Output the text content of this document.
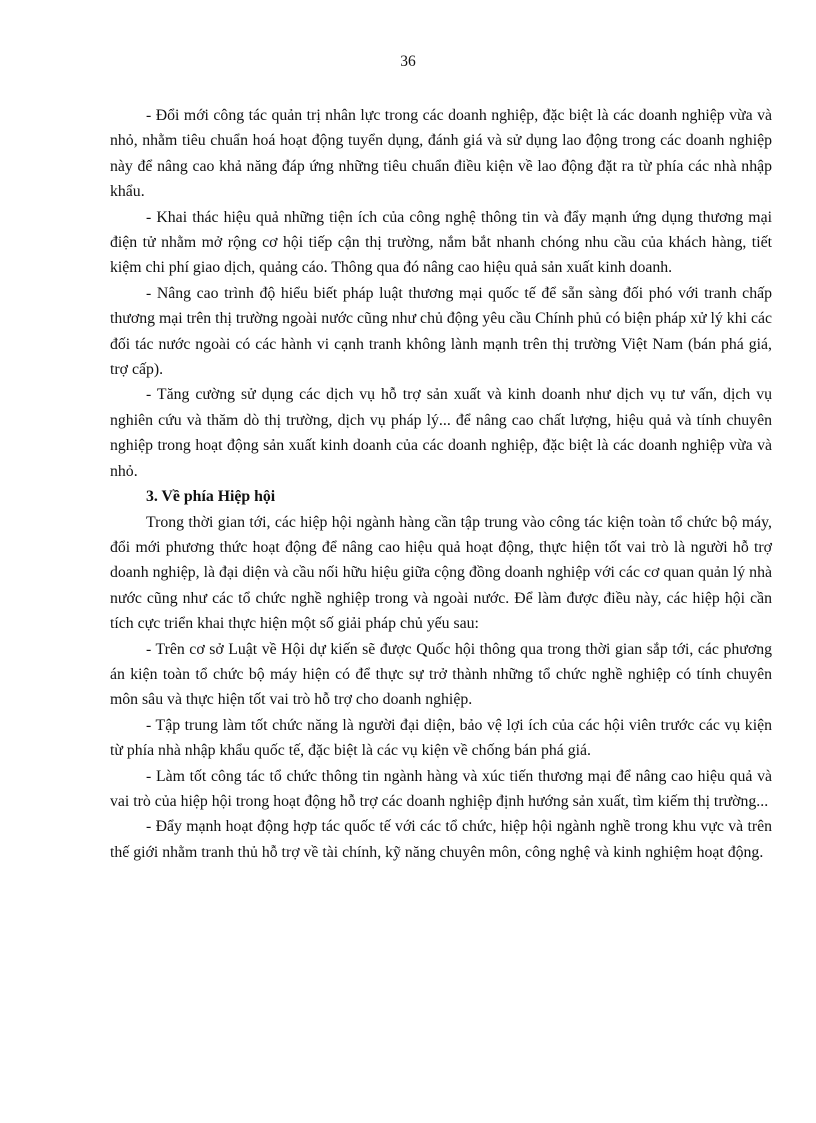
36

- Đổi mới công tác quản trị nhân lực trong các doanh nghiệp, đặc biệt là các doanh nghiệp vừa và nhỏ, nhằm tiêu chuẩn hoá hoạt động tuyển dụng, đánh giá và sử dụng lao động trong các doanh nghiệp này để nâng cao khả năng đáp ứng những tiêu chuẩn điều kiện về lao động đặt ra từ phía các nhà nhập khẩu.

- Khai thác hiệu quả những tiện ích của công nghệ thông tin và đẩy mạnh ứng dụng thương mại điện tử nhằm mở rộng cơ hội tiếp cận thị trường, nắm bắt nhanh chóng nhu cầu của khách hàng, tiết kiệm chi phí giao dịch, quảng cáo. Thông qua đó nâng cao hiệu quả sản xuất kinh doanh.

- Nâng cao trình độ hiểu biết pháp luật thương mại quốc tế để sẵn sàng đối phó với tranh chấp thương mại trên thị trường ngoài nước cũng như chủ động yêu cầu Chính phủ có biện pháp xử lý khi các đối tác nước ngoài có các hành vi cạnh tranh không lành mạnh trên thị trường Việt Nam (bán phá giá, trợ cấp).

- Tăng cường sử dụng các dịch vụ hỗ trợ sản xuất và kinh doanh như dịch vụ tư vấn, dịch vụ nghiên cứu và thăm dò thị trường, dịch vụ pháp lý... để nâng cao chất lượng, hiệu quả và tính chuyên nghiệp trong hoạt động sản xuất kinh doanh của các doanh nghiệp, đặc biệt là các doanh nghiệp vừa và nhỏ.

3. Về phía Hiệp hội

Trong thời gian tới, các hiệp hội ngành hàng cần tập trung vào công tác kiện toàn tổ chức bộ máy, đổi mới phương thức hoạt động để nâng cao hiệu quả hoạt động, thực hiện tốt vai trò là người hỗ trợ doanh nghiệp, là đại diện và cầu nối hữu hiệu giữa cộng đồng doanh nghiệp với các cơ quan quản lý nhà nước cũng như các tổ chức nghề nghiệp trong và ngoài nước. Để làm được điều này, các hiệp hội cần tích cực triển khai thực hiện một số giải pháp chủ yếu sau:

- Trên cơ sở Luật về Hội dự kiến sẽ được Quốc hội thông qua trong thời gian sắp tới, các phương án kiện toàn tổ chức bộ máy hiện có để thực sự trở thành những tổ chức nghề nghiệp có tính chuyên môn sâu và thực hiện tốt vai trò hỗ trợ cho doanh nghiệp.

- Tập trung làm tốt chức năng là người đại diện, bảo vệ lợi ích của các hội viên trước các vụ kiện từ phía nhà nhập khẩu quốc tế, đặc biệt là các vụ kiện về chống bán phá giá.

- Làm tốt công tác tổ chức thông tin ngành hàng và xúc tiến thương mại để nâng cao hiệu quả và vai trò của hiệp hội trong hoạt động hỗ trợ các doanh nghiệp định hướng sản xuất, tìm kiếm thị trường...

- Đẩy mạnh hoạt động hợp tác quốc tế với các tổ chức, hiệp hội ngành nghề trong khu vực và trên thế giới nhằm tranh thủ hỗ trợ về tài chính, kỹ năng chuyên môn, công nghệ và kinh nghiệm hoạt động.
